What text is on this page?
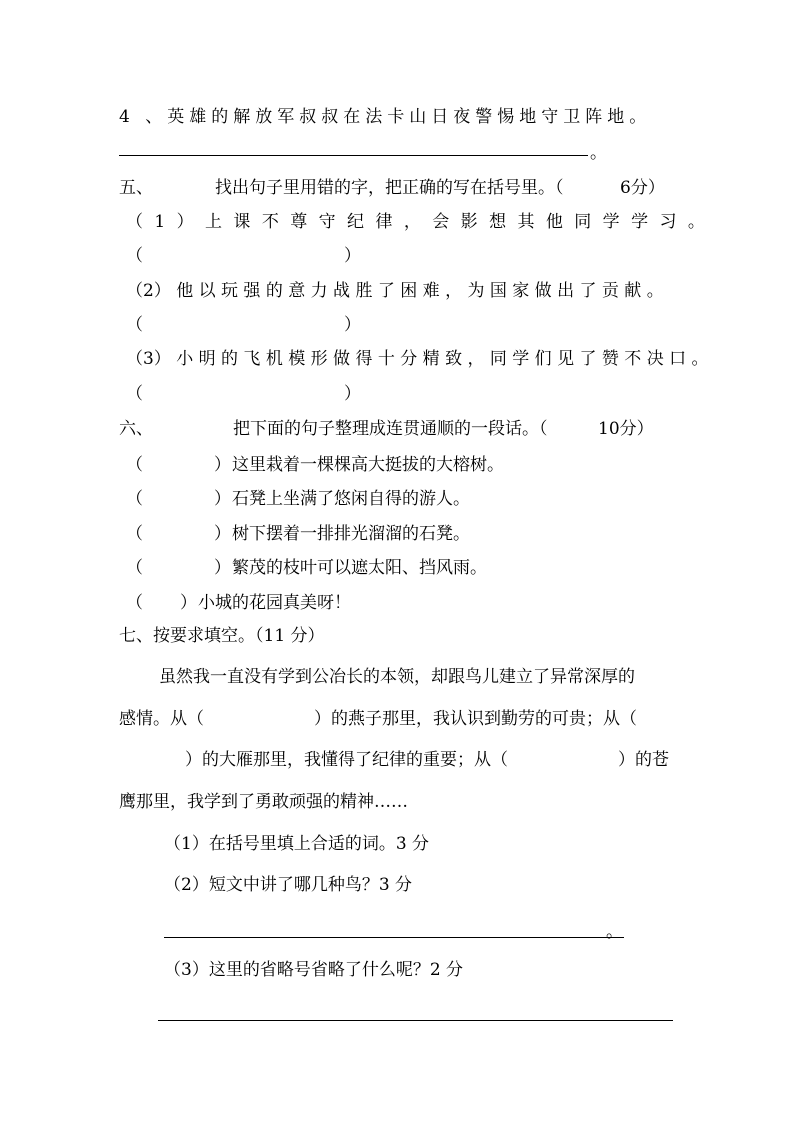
4 、英雄的解放军叔叔在法卡山日夜警惕地守卫阵地。
。
五、	找出句子里用错的字，把正确的写在括号里。（	6分）
（ 1 ） 上 课 不 尊 守 纪 律 ， 会 影 想 其 他 同 学 学 习 。
（	）
（2） 他 以 玩 强 的 意 力 战 胜 了 困 难 ， 为 国 家 做 出 了 贡 献 。
（	）
（3） 小 明 的 飞 机 模 形 做 得 十 分 精 致 ， 同 学 们 见 了 赞 不 决 口 。
（	）
六、	把下面的句子整理成连贯通顺的一段话。（	10分）
（	） 这里栽着一棵棵高大挺拔的大榕树。
（	） 石凳上坐满了悠闲自得的游人。
（	） 树下摆着一排排光溜溜的石凳。
（	） 繁茂的枝叶可以遮太阳、挡风雨。
（ ） 小城的花园真美呀！
七、按要求填空。（11 分）
虽然我一直没有学到公冶长的本领，却跟鸟儿建立了异常深厚的
感情。从（	）的燕子那里，我认识到勤劳的可贵；从（
）的大雁那里，我懂得了纪律的重要；从（	）的苍
鹰那里，我学到了勇敢顽强的精神……
（1）在括号里填上合适的词。3 分
（2）短文中讲了哪几种鸟？3 分
。
（3）这里的省略号省略了什么呢？2 分
